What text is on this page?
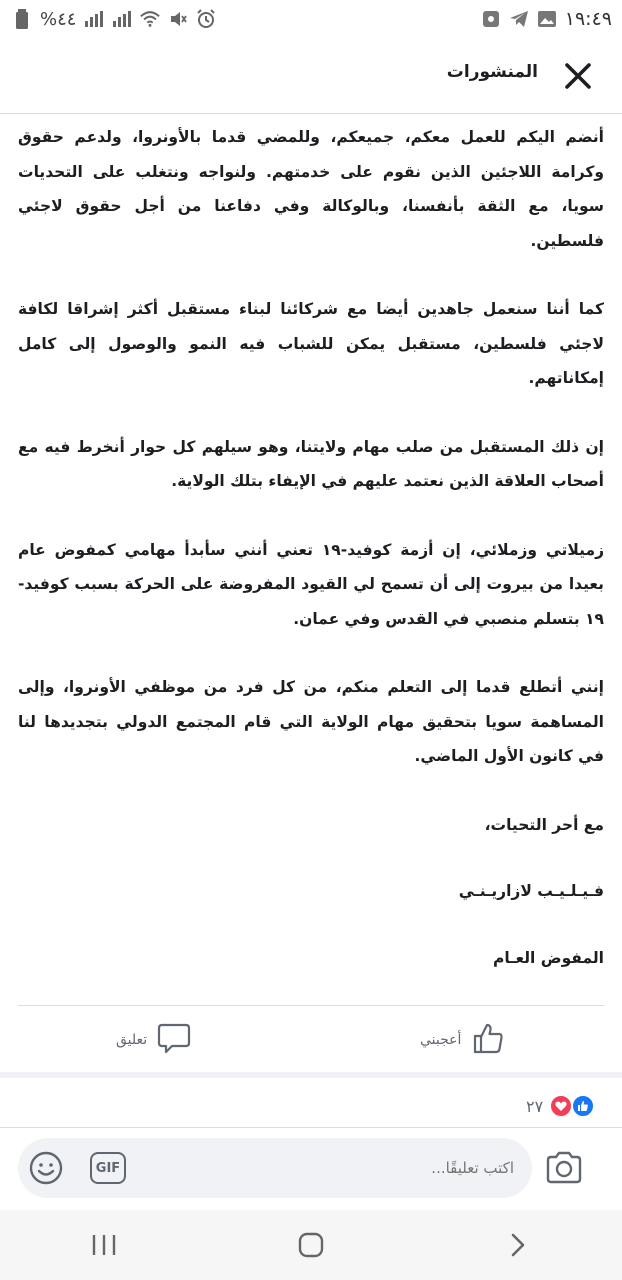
%٤٤	١٩:٤٩
المنشورات

أنضم اليكم للعمل معكم، جميعكم، وللمضي قدما بالأونروا، ولدعم حقوق وكرامة اللاجئين الذين نقوم على خدمتهم. ولنواجه ونتغلب على التحديات سويا، مع الثقة بأنفسنا، وبالوكالة وفي دفاعنا من أجل حقوق لاجئي فلسطين.

كما أننا سنعمل جاهدين أيضا مع شركائنا لبناء مستقبل أكثر إشراقا لكافة لاجئي فلسطين، مستقبل يمكن للشباب فيه النمو والوصول إلى كامل إمكاناتهم.

إن ذلك المستقبل من صلب مهام ولايتنا، وهو سيلهم كل حوار أنخرط فيه مع أصحاب العلاقة الذين نعتمد عليهم في الإيفاء بتلك الولاية.

زميلاتي وزملائي، إن أزمة كوفيد-١٩ تعني أنني سأبدأ مهامي كمفوض عام بعيدا من بيروت إلى أن تسمح لي القيود المفروضة على الحركة بسبب كوفيد- ١٩ بتسلم منصبي في القدس وفي عمان.

إنني أتطلع قدما إلى التعلم منكم، من كل فرد من موظفي الأونروا، وإلى المساهمة سويا بتحقيق مهام الولاية التي قام المجتمع الدولي بتجديدها لنا في كانون الأول الماضي.

مع أحر التحيات،

فـيـلـيـب لازاريـنـي

المفوض العـام

أعجبني
تعليق
٢٧
GIF
اكتب تعليقًا...
